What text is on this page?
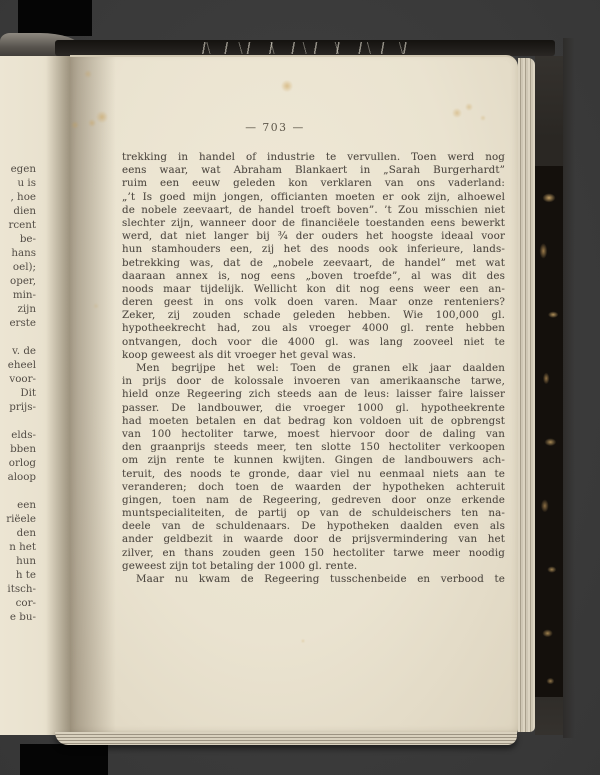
egen
u is
, hoe
dien
rcent
be-
hans
oel);
oper,
min-
zijn
erste

v. de
eheel
voor-
Dit
prijs-

elds-
bben
orlog
aloop

een
riëele
den
n het
hun
h te
itsch-
cor-
e bu-
— 703 —
trekking in handel of industrie te vervullen. Toen werd nog
eens waar, wat Abraham Blankaert in „Sarah Burgerhardt”
ruim een eeuw geleden kon verklaren van ons vaderland:
„’t Is goed mijn jongen, officianten moeten er ook zijn, alhoewel
de nobele zeevaart, de handel troeft boven”. ’t Zou misschien niet
slechter zijn, wanneer door de financiëele toestanden eens bewerkt
werd, dat niet langer bij ¾ der ouders het hoogste ideaal voor
hun stamhouders een, zij het des noods ook inferieure, lands-
betrekking was, dat de „nobele zeevaart, de handel” met wat
daaraan annex is, nog eens „boven troefde”, al was dit des
noods maar tijdelijk. Wellicht kon dit nog eens weer een an-
deren geest in ons volk doen varen. Maar onze renteniers?
Zeker, zij zouden schade geleden hebben. Wie 100,000 gl.
hypotheekrecht had, zou als vroeger 4000 gl. rente hebben
ontvangen, doch voor die 4000 gl. was lang zooveel niet te
koop geweest als dit vroeger het geval was.
Men begrijpe het wel: Toen de granen elk jaar daalden
in prijs door de kolossale invoeren van amerikaansche tarwe,
hield onze Regeering zich steeds aan de leus: laisser faire laisser
passer. De landbouwer, die vroeger 1000 gl. hypotheekrente
had moeten betalen en dat bedrag kon voldoen uit de opbrengst
van 100 hectoliter tarwe, moest hiervoor door de daling van
den graanprijs steeds meer, ten slotte 150 hectoliter verkoopen
om zijn rente te kunnen kwijten. Gingen de landbouwers ach-
teruit, des noods te gronde, daar viel nu eenmaal niets aan te
veranderen; doch toen de waarden der hypotheken achteruit
gingen, toen nam de Regeering, gedreven door onze erkende
muntspecialiteiten, de partij op van de schuldeischers ten na-
deele van de schuldenaars. De hypotheken daalden even als
ander geldbezit in waarde door de prijsvermindering van het
zilver, en thans zouden geen 150 hectoliter tarwe meer noodig
geweest zijn tot betaling der 1000 gl. rente.
Maar nu kwam de Regeering tusschenbeide en verbood te
